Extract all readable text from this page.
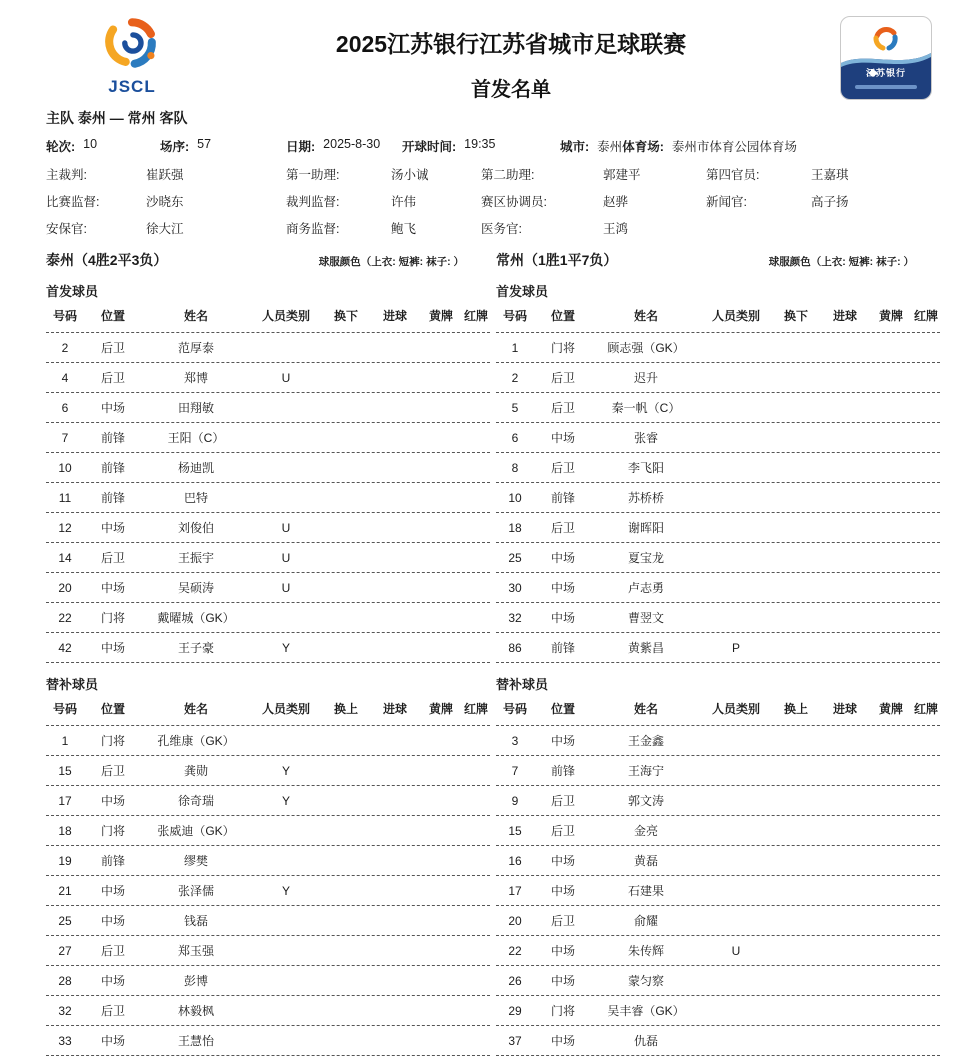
JSCL
2025江苏银行江苏省城市足球联赛
首发名单
江苏银行
主队 泰州 — 常州 客队
轮次: 10	场序: 57	日期: 2025-8-30 开球时间: 19:35	城市: 泰州 体育场: 泰州市体育公园体育场
主裁判:	崔跃强	第一助理:	汤小诚	第二助理:	郭建平	第四官员:	王嘉琪
比赛监督:	沙晓东	裁判监督:	许伟	赛区协调员:	赵骅	新闻官:	高子扬
安保官:	徐大江	商务监督:	鲍飞	医务官:	王鸿
泰州（4胜2平3负）	球服颜色（上衣: 短裤: 袜子: ）
首发球员
号码	位置	姓名	人员类别	换下	进球	黄牌 红牌
2	后卫	范厚泰
4	后卫	郑博	U
6	中场	田翔敏
7	前锋	王阳（C）
10	前锋	杨迪凯
11	前锋	巴特
12	中场	刘俊伯	U
14	后卫	王振宇	U
20	中场	吴硕涛	U
22	门将	戴曜城（GK）
42	中场	王子豪	Y
替补球员
号码	位置	姓名	人员类别	换上	进球	黄牌 红牌
1	门将	孔维康（GK）
15	后卫	龚勋	Y
17	中场	徐奇瑞	Y
18	门将	张威迪（GK）
19	前锋	缪樊
21	中场	张泽儒	Y
25	中场	钱磊
27	后卫	郑玉强
28	中场	彭博
32	后卫	林毅枫
33	中场	王慧怡
常州（1胜1平7负）	球服颜色（上衣: 短裤: 袜子: ）
首发球员
号码	位置	姓名	人员类别	换下	进球	黄牌 红牌
1	门将	顾志强（GK）
2	后卫	迟升
5	后卫	秦一帆（C）
6	中场	张睿
8	后卫	李飞阳
10	前锋	苏桥桥
18	后卫	谢晖阳
25	中场	夏宝龙
30	中场	卢志勇
32	中场	曹翌文
86	前锋	黄紫昌	P
替补球员
号码	位置	姓名	人员类别	换上	进球	黄牌 红牌
3	中场	王金鑫
7	前锋	王海宁
9	后卫	郭文涛
15	后卫	金亮
16	中场	黄磊
17	中场	石建果
20	后卫	俞耀
22	中场	朱传辉	U
26	中场	蒙匀察
29	门将	吴丰睿（GK）
37	中场	仇磊
